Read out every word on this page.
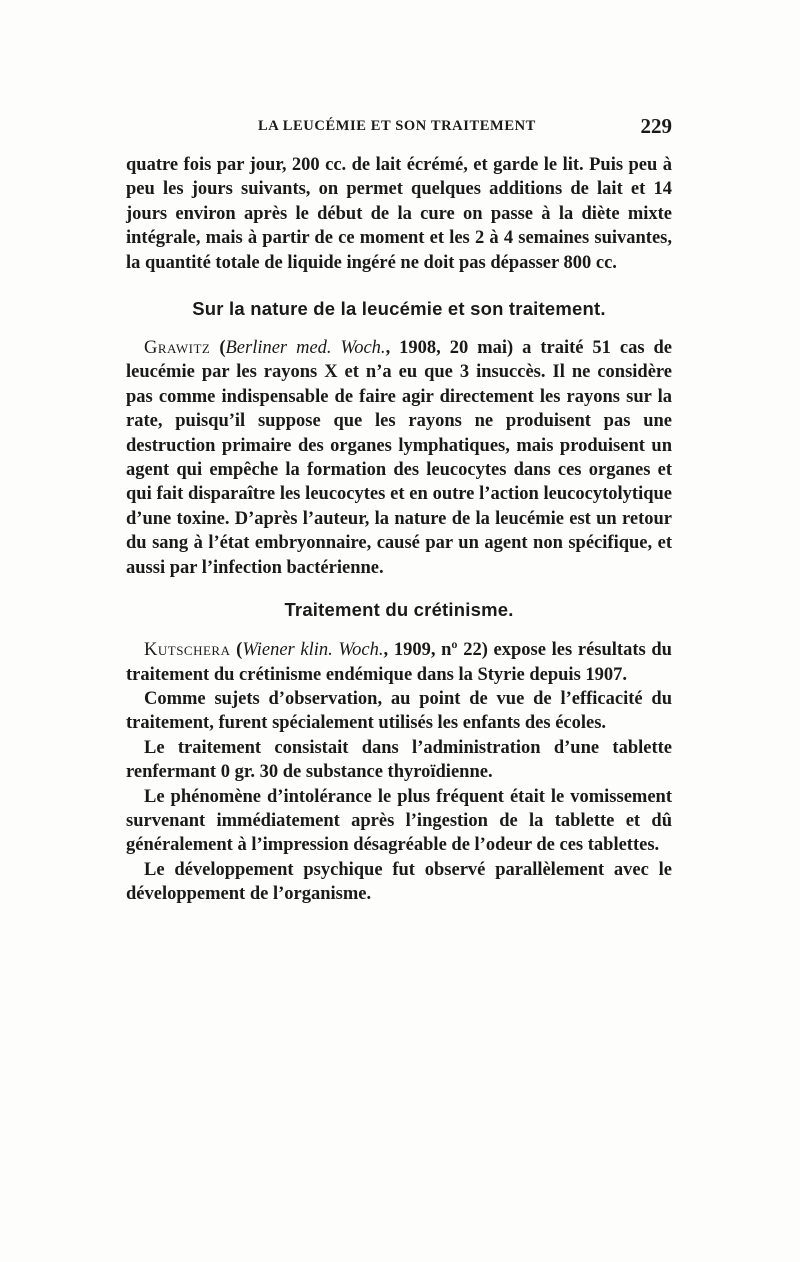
LA LEUCÉMIE ET SON TRAITEMENT	229

quatre fois par jour, 200 cc. de lait écrémé, et garde le lit. Puis peu à peu les jours suivants, on permet quelques additions de lait et 14 jours environ après le début de la cure on passe à la diète mixte intégrale, mais à partir de ce moment et les 2 à 4 semaines suivantes, la quantité totale de liquide ingéré ne doit pas dépasser 800 cc.

Sur la nature de la leucémie et son traitement.

Grawitz (Berliner med. Woch., 1908, 20 mai) a traité 51 cas de leucémie par les rayons X et n’a eu que 3 insuccès. Il ne considère pas comme indispensable de faire agir directement les rayons sur la rate, puisqu’il suppose que les rayons ne produisent pas une destruction primaire des organes lymphatiques, mais produisent un agent qui empêche la formation des leucocytes dans ces organes et qui fait disparaître les leucocytes et en outre l’action leucocytolytique d’une toxine. D’après l’auteur, la nature de la leucémie est un retour du sang à l’état embryonnaire, causé par un agent non spécifique, et aussi par l’infection bactérienne.

Traitement du crétinisme.

Kutschera (Wiener klin. Woch., 1909, nº 22) expose les résultats du traitement du crétinisme endémique dans la Styrie depuis 1907.

Comme sujets d’observation, au point de vue de l’efficacité du traitement, furent spécialement utilisés les enfants des écoles.

Le traitement consistait dans l’administration d’une tablette renfermant 0 gr. 30 de substance thyroïdienne.

Le phénomène d’intolérance le plus fréquent était le vomissement survenant immédiatement après l’ingestion de la tablette et dû généralement à l’impression désagréable de l’odeur de ces tablettes.

Le développement psychique fut observé parallèlement avec le développement de l’organisme.
